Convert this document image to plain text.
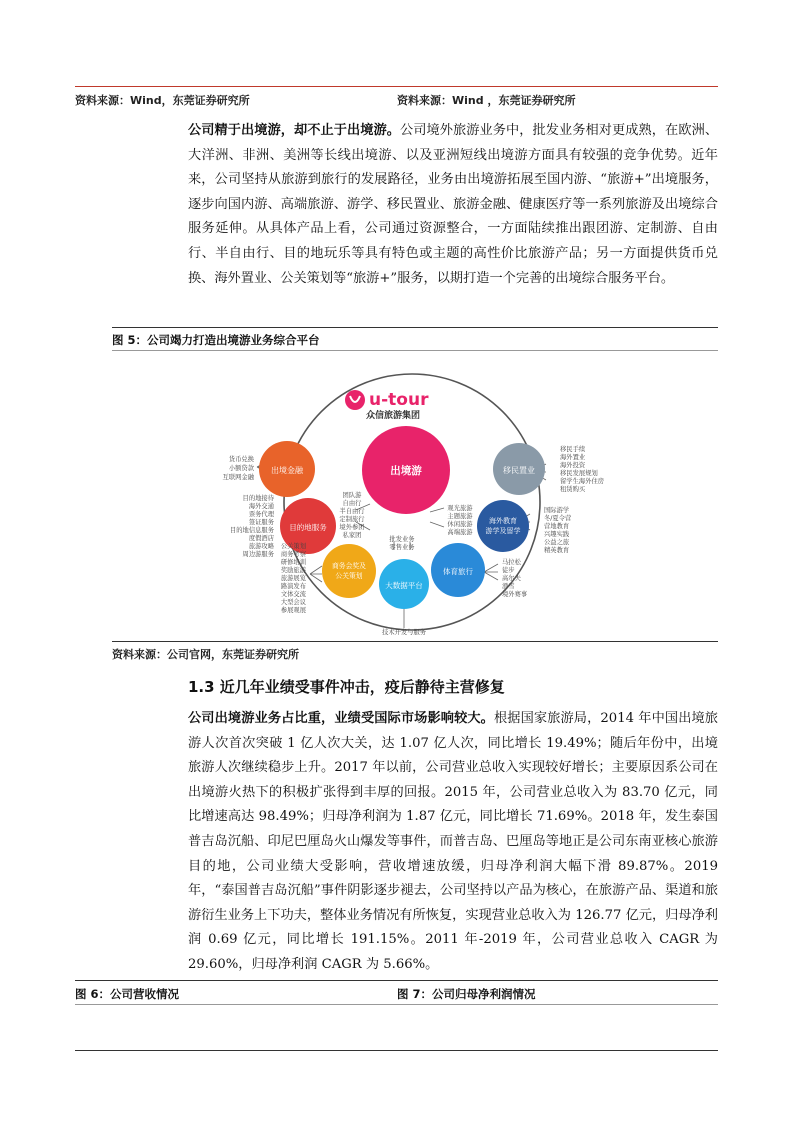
资料来源：Wind，东莞证券研究所	资料来源：Wind ，东莞证券研究所
公司精于出境游，却不止于出境游。公司境外旅游业务中，批发业务相对更成熟，在欧洲、大洋洲、非洲、美洲等长线出境游、以及亚洲短线出境游方面具有较强的竞争优势。近年来，公司坚持从旅游到旅行的发展路径，业务由出境游拓展至国内游、“旅游+”出境服务，逐步向国内游、高端旅游、游学、移民置业、旅游金融、健康医疗等一系列旅游及出境综合服务延伸。从具体产品上看，公司通过资源整合，一方面陆续推出跟团游、定制游、自由行、半自由行、目的地玩乐等具有特色或主题的高性价比旅游产品；另一方面提供货币兑换、海外置业、公关策划等“旅游+”服务，以期打造一个完善的出境综合服务平台。
图 5：公司竭力打造出境游业务综合平台
u-tour
众信旅游集团
出境游
出境金融	移民置业
目的地服务
海外教育
游学及留学
商务会奖及
公关策划	体育旅行
大数据平台
货币兑换
小额贷款
互联网金融
目的地接待
海外交通
票务代理
签证服务
目的地信息服务
度假酒店
旅游攻略
周边游服务
团队游
自由行
半自由行
定制旅行
境外参团
私家团
观光旅游
主题旅游
休闲旅游
高端旅游
批发业务
零售业务
移民手续
海外置业
海外投资
移民发展规划
留学生海外住房
租赁购买
国际游学
冬/夏令营
营地教育
兴趣实践
公益之旅
精英教育
公关策划
商务考察
研修培训
奖励旅游
旅游展览
路演发布
文体交流
大型会议
参展观展
马拉松
徒步
高尔夫
滑雪
境外赛事
技术开发与服务
资料来源：公司官网，东莞证券研究所
1.3 近几年业绩受事件冲击，疫后静待主营修复
公司出境游业务占比重，业绩受国际市场影响较大。根据国家旅游局，2014 年中国出境旅游人次首次突破 1 亿人次大关，达 1.07 亿人次，同比增长 19.49%；随后年份中，出境旅游人次继续稳步上升。2017 年以前，公司营业总收入实现较好增长；主要原因系公司在出境游火热下的积极扩张得到丰厚的回报。2015 年，公司营业总收入为 83.70 亿元，同比增速高达 98.49%；归母净利润为 1.87 亿元，同比增长 71.69%。2018 年，发生泰国普吉岛沉船、印尼巴厘岛火山爆发等事件，而普吉岛、巴厘岛等地正是公司东南亚核心旅游目的地，公司业绩大受影响，营收增速放缓，归母净利润大幅下滑 89.87%。2019 年，“泰国普吉岛沉船”事件阴影逐步褪去，公司坚持以产品为核心，在旅游产品、渠道和旅游衍生业务上下功夫，整体业务情况有所恢复，实现营业总收入为 126.77 亿元，归母净利润 0.69 亿元，同比增长 191.15%。2011 年-2019 年，公司营业总收入 CAGR 为 29.60%，归母净利润 CAGR 为 5.66%。
图 6：公司营收情况	图 7：公司归母净利润情况
